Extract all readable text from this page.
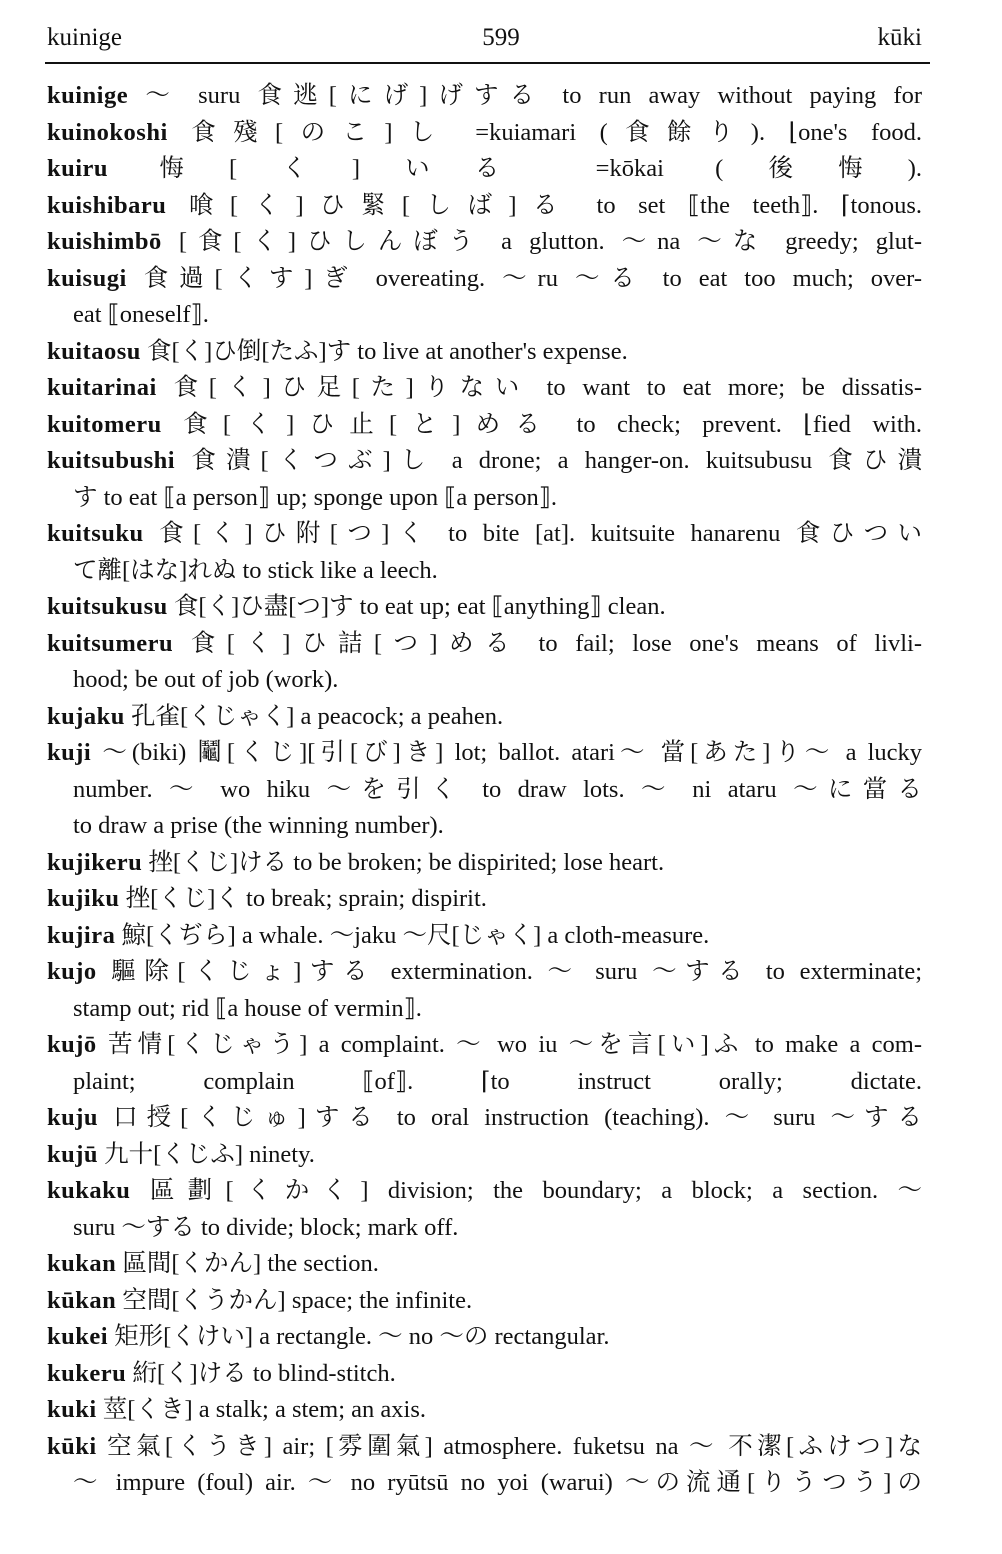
kuinige	599	kūki
kuinige ～ suru 食逃[にげ]げする to run away without paying for
kuinokoshi 食殘[のこ]し =kuiamari (食餘り). ⌊one's food.
kuiru 悔[く]いる =kōkai (後悔).
kuishibaru 喰[く]ひ緊[しば]る to set ⟦the teeth⟧. ⌈tonous.
kuishimbō [食[く]ひしんぼう a glutton. ～na ～な greedy; glut-
kuisugi 食過[くす]ぎ overeating. ～ru ～る to eat too much; over-
eat ⟦oneself⟧.
kuitaosu 食[く]ひ倒[たふ]す to live at another's expense.
kuitarinai 食[く]ひ足[た]りない to want to eat more; be dissatis-
kuitomeru 食[く]ひ止[と]める to check; prevent. ⌊fied with.
kuitsubushi 食潰[くつぶ]し a drone; a hanger-on. kuitsubusu 食ひ潰
す to eat ⟦a person⟧ up; sponge upon ⟦a person⟧.
kuitsuku 食[く]ひ附[つ]く to bite [at]. kuitsuite hanarenu 食ひつい
て離[はな]れぬ to stick like a leech.
kuitsukusu 食[く]ひ盡[つ]す to eat up; eat ⟦anything⟧ clean.
kuitsumeru 食[く]ひ詰[つ]める to fail; lose one's means of livli-
hood; be out of job (work).
kujaku 孔雀[くじゃく] a peacock; a peahen.
kuji ～(biki) 鬮[くじ][引[び]き] lot; ballot. atari～ 當[あた]り～ a lucky
number. ～ wo hiku ～を引く to draw lots. ～ ni ataru ～に當る
to draw a prise (the winning number).
kujikeru 挫[くじ]ける to be broken; be dispirited; lose heart.
kujiku 挫[くじ]く to break; sprain; dispirit.
kujira 鯨[くぢら] a whale. ～jaku ～尺[じゃく] a cloth-measure.
kujo 驅除[くじょ]する extermination. ～ suru ～する to exterminate;
stamp out; rid ⟦a house of vermin⟧.
kujō 苦情[くじゃう] a complaint. ～ wo iu ～を言[い]ふ to make a com-
plaint; complain ⟦of⟧. ⌈to instruct orally; dictate.
kuju 口授[くじゅ]する to oral instruction (teaching). ～ suru ～する
kujū 九十[くじふ] ninety.
kukaku 區劃[くかく] division; the boundary; a block; a section. ～
suru ～する to divide; block; mark off.
kukan 區間[くかん] the section.
kūkan 空間[くうかん] space; the infinite.
kukei 矩形[くけい] a rectangle. ～ no ～の rectangular.
kukeru 絎[く]ける to blind-stitch.
kuki 莖[くき] a stalk; a stem; an axis.
kūki 空氣[くうき] air; [雰圍氣] atmosphere. fuketsu na ～ 不潔[ふけつ]な
～ impure (foul) air. ～ no ryūtsū no yoi (warui) ～の流通[りうつう]の
